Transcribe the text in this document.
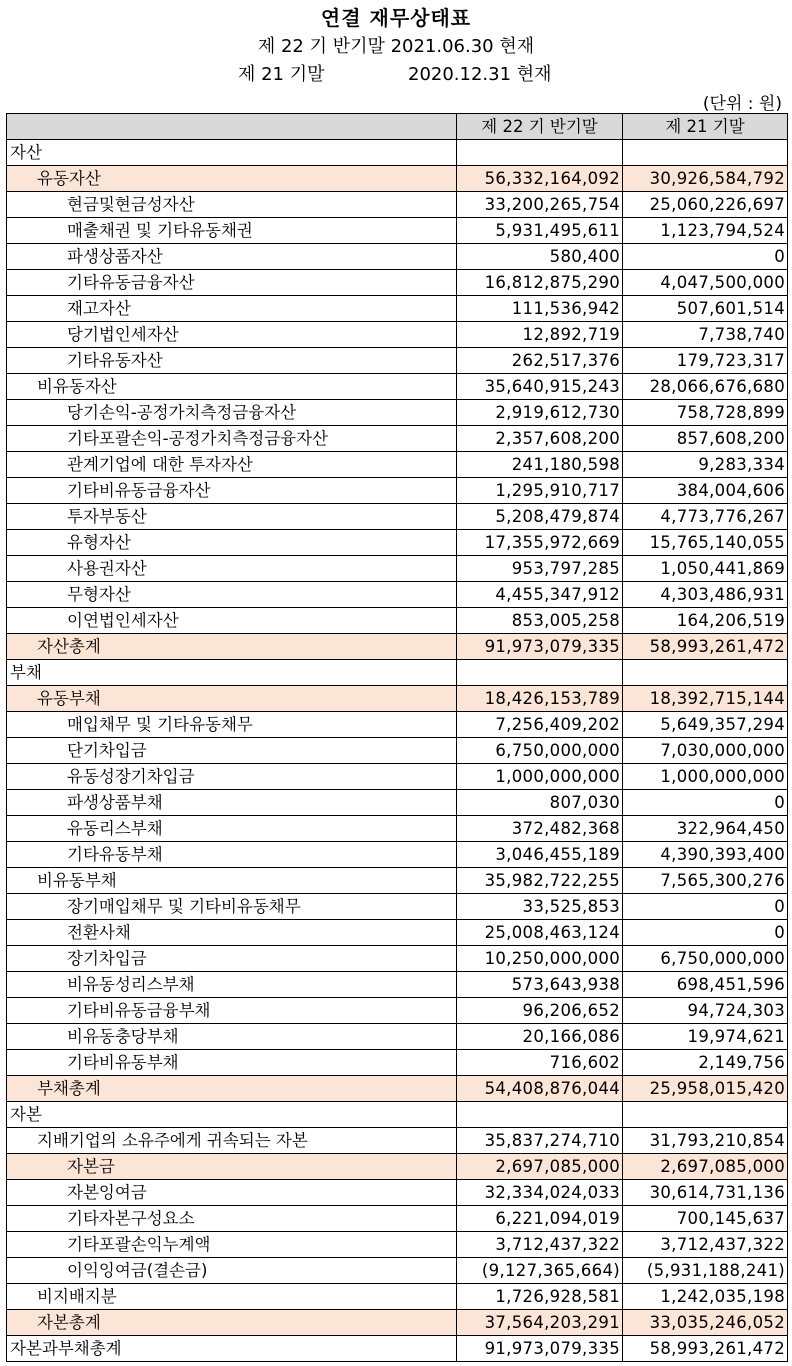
연결 재무상태표
제 22 기 반기말 2021.06.30 현재
제 21 기말	2020.12.31 현재
(단위 : 원)
	제 22 기 반기말	제 21 기말
자산		
유동자산	56,332,164,092	30,926,584,792
현금및현금성자산	33,200,265,754	25,060,226,697
매출채권 및 기타유동채권	5,931,495,611	1,123,794,524
파생상품자산	580,400	0
기타유동금융자산	16,812,875,290	4,047,500,000
재고자산	111,536,942	507,601,514
당기법인세자산	12,892,719	7,738,740
기타유동자산	262,517,376	179,723,317
비유동자산	35,640,915,243	28,066,676,680
당기손익-공정가치측정금융자산	2,919,612,730	758,728,899
기타포괄손익-공정가치측정금융자산	2,357,608,200	857,608,200
관계기업에 대한 투자자산	241,180,598	9,283,334
기타비유동금융자산	1,295,910,717	384,004,606
투자부동산	5,208,479,874	4,773,776,267
유형자산	17,355,972,669	15,765,140,055
사용권자산	953,797,285	1,050,441,869
무형자산	4,455,347,912	4,303,486,931
이연법인세자산	853,005,258	164,206,519
자산총계	91,973,079,335	58,993,261,472
부채		
유동부채	18,426,153,789	18,392,715,144
매입채무 및 기타유동채무	7,256,409,202	5,649,357,294
단기차입금	6,750,000,000	7,030,000,000
유동성장기차입금	1,000,000,000	1,000,000,000
파생상품부채	807,030	0
유동리스부채	372,482,368	322,964,450
기타유동부채	3,046,455,189	4,390,393,400
비유동부채	35,982,722,255	7,565,300,276
장기매입채무 및 기타비유동채무	33,525,853	0
전환사채	25,008,463,124	0
장기차입금	10,250,000,000	6,750,000,000
비유동성리스부채	573,643,938	698,451,596
기타비유동금융부채	96,206,652	94,724,303
비유동충당부채	20,166,086	19,974,621
기타비유동부채	716,602	2,149,756
부채총계	54,408,876,044	25,958,015,420
자본		
지배기업의 소유주에게 귀속되는 자본	35,837,274,710	31,793,210,854
자본금	2,697,085,000	2,697,085,000
자본잉여금	32,334,024,033	30,614,731,136
기타자본구성요소	6,221,094,019	700,145,637
기타포괄손익누계액	3,712,437,322	3,712,437,322
이익잉여금(결손금)	(9,127,365,664)	(5,931,188,241)
비지배지분	1,726,928,581	1,242,035,198
자본총계	37,564,203,291	33,035,246,052
자본과부채총계	91,973,079,335	58,993,261,472
